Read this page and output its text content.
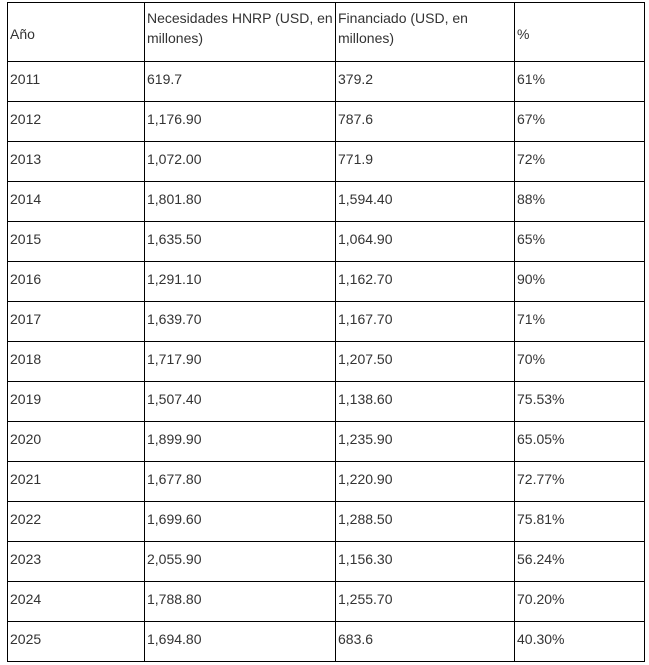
Año	Necesidades HNRP (USD, en millones)	Financiado (USD, en millones)	%
2011	619.7	379.2	61%
2012	1,176.90	787.6	67%
2013	1,072.00	771.9	72%
2014	1,801.80	1,594.40	88%
2015	1,635.50	1,064.90	65%
2016	1,291.10	1,162.70	90%
2017	1,639.70	1,167.70	71%
2018	1,717.90	1,207.50	70%
2019	1,507.40	1,138.60	75.53%
2020	1,899.90	1,235.90	65.05%
2021	1,677.80	1,220.90	72.77%
2022	1,699.60	1,288.50	75.81%
2023	2,055.90	1,156.30	56.24%
2024	1,788.80	1,255.70	70.20%
2025	1,694.80	683.6	40.30%
